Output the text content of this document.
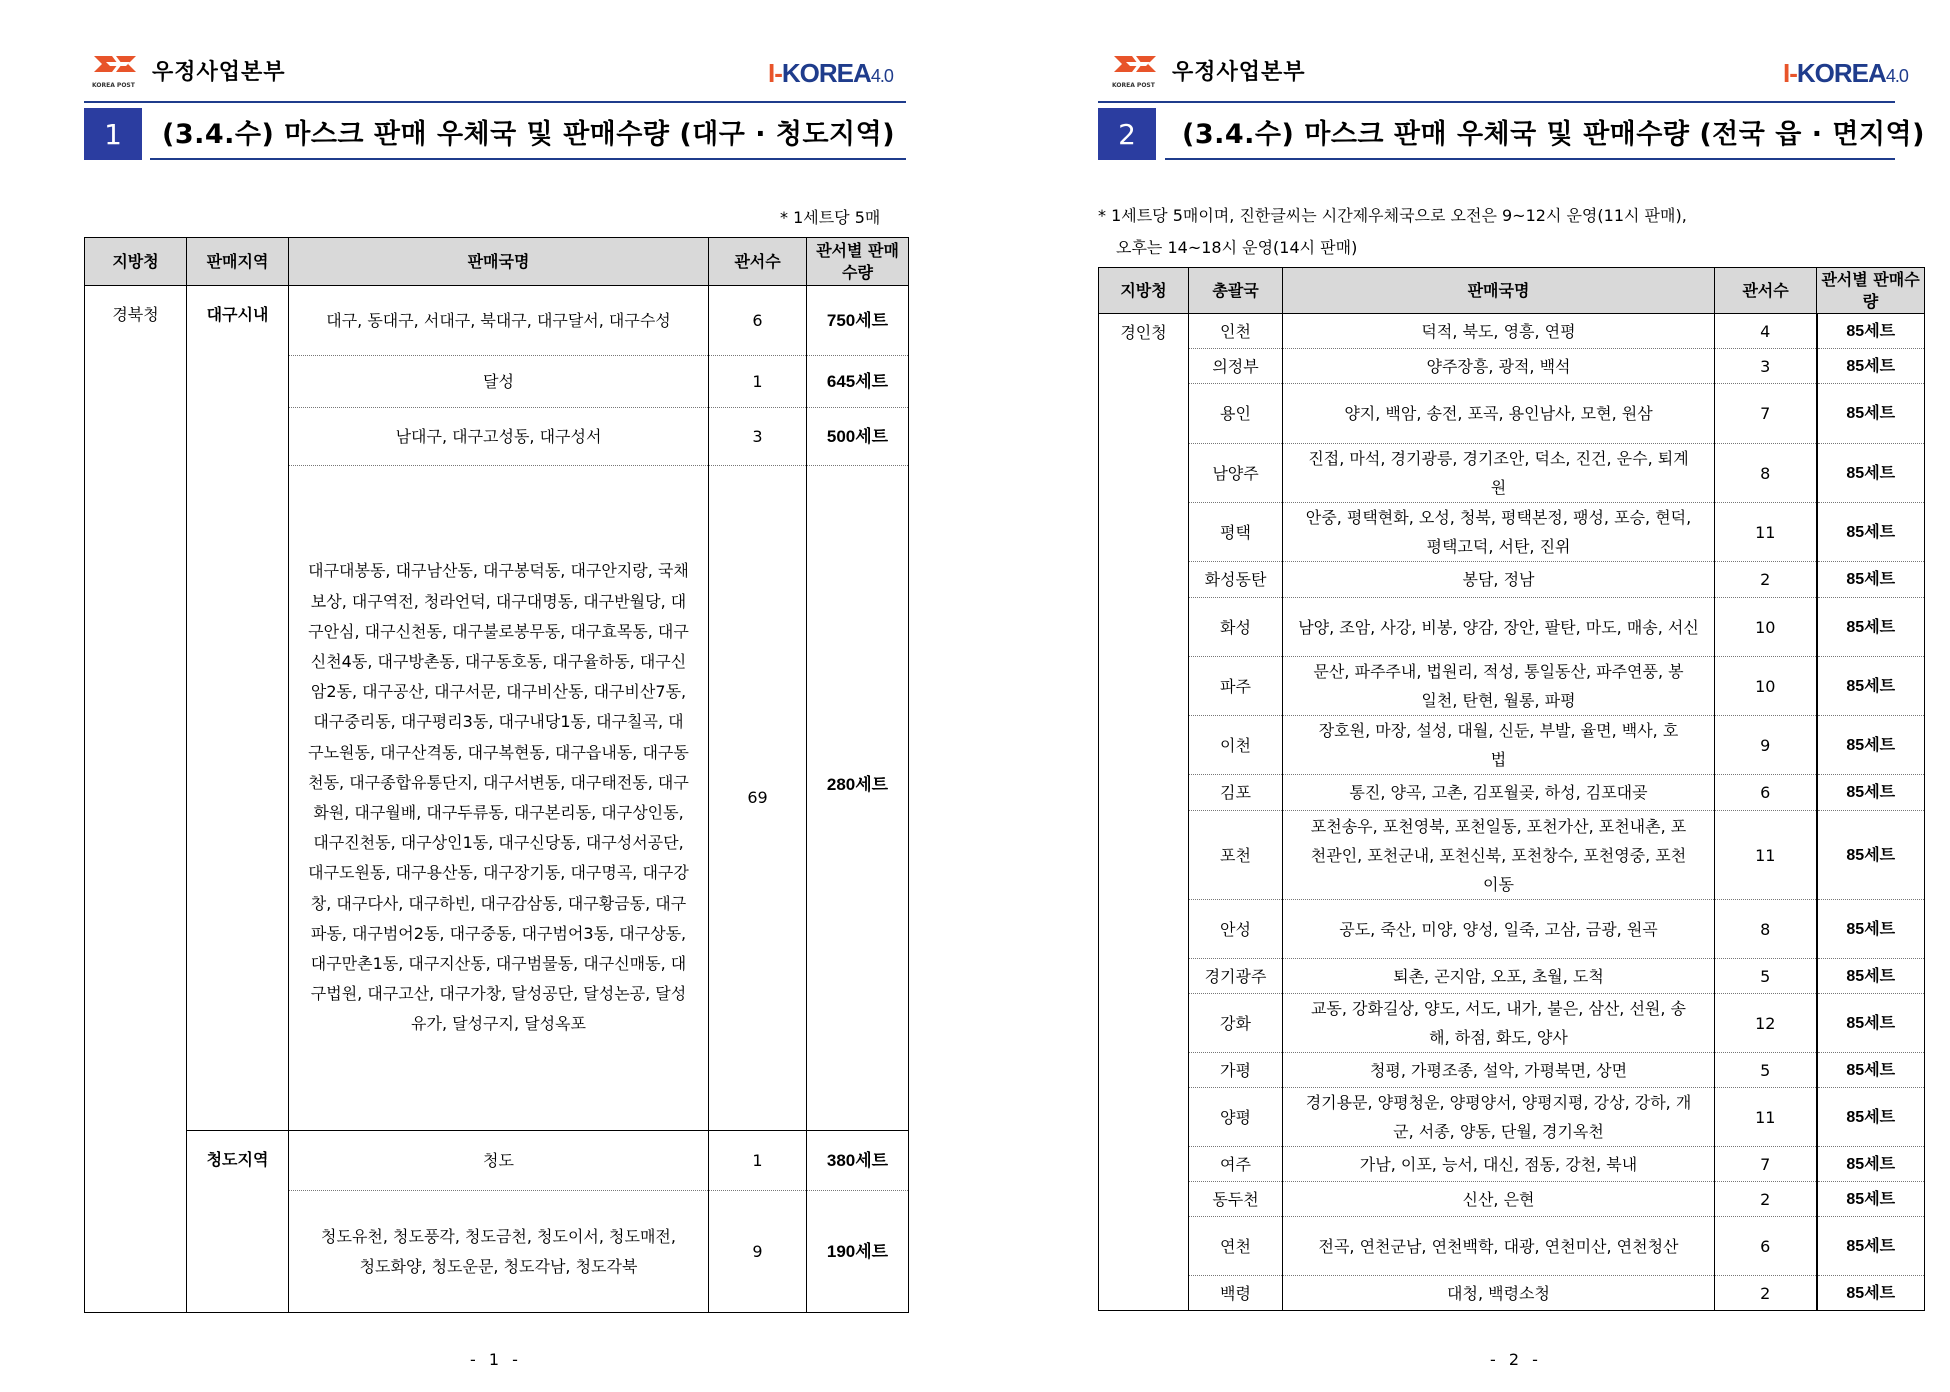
KOREA POST
우정사업본부	I-KOREA4.0
1	(3.4.수) 마스크 판매 우체국 및 판매수량 (대구 · 청도지역)
* 1세트당 5매
지방청	판매지역	판매국명	관서수	관서별 판매수량
경북청	대구시내	대구, 동대구, 서대구, 북대구, 대구달서, 대구수성	6	750세트
		달성	1	645세트
		남대구, 대구고성동, 대구성서	3	500세트
		대구대봉동, 대구남산동, 대구봉덕동, 대구안지랑, 국채보상, 대구역전, 청라언덕, 대구대명동, 대구반월당, 대구안심, 대구신천동, 대구불로봉무동, 대구효목동, 대구신천4동, 대구방촌동, 대구동호동, 대구율하동, 대구신암2동, 대구공산, 대구서문, 대구비산동, 대구비산7동, 대구중리동, 대구평리3동, 대구내당1동, 대구칠곡, 대구노원동, 대구산격동, 대구복현동, 대구읍내동, 대구동천동, 대구종합유통단지, 대구서변동, 대구태전동, 대구화원, 대구월배, 대구두류동, 대구본리동, 대구상인동, 대구진천동, 대구상인1동, 대구신당동, 대구성서공단, 대구도원동, 대구용산동, 대구장기동, 대구명곡, 대구강창, 대구다사, 대구하빈, 대구감삼동, 대구황금동, 대구파동, 대구범어2동, 대구중동, 대구범어3동, 대구상동, 대구만촌1동, 대구지산동, 대구범물동, 대구신매동, 대구법원, 대구고산, 대구가창, 달성공단, 달성논공, 달성유가, 달성구지, 달성옥포	69	280세트
	청도지역	청도	1	380세트
		청도유천, 청도풍각, 청도금천, 청도이서, 청도매전, 청도화양, 청도운문, 청도각남, 청도각북	9	190세트
- 1 -
KOREA POST
우정사업본부	I-KOREA4.0
2	(3.4.수) 마스크 판매 우체국 및 판매수량 (전국 읍 · 면지역)
* 1세트당 5매이며, 진한글씨는 시간제우체국으로 오전은 9~12시 운영(11시 판매),
오후는 14~18시 운영(14시 판매)
지방청	총괄국	판매국명	관서수	관서별 판매수량
경인청	인천	덕적, 북도, 영흥, 연평	4	85세트
	의정부	양주장흥, 광적, 백석	3	85세트
	용인	양지, 백암, 송전, 포곡, 용인남사, 모현, 원삼	7	85세트
	남양주	진접, 마석, 경기광릉, 경기조안, 덕소, 진건, 운수, 퇴계원	8	85세트
	평택	안중, 평택현화, 오성, 청북, 평택본정, 팽성, 포승, 현덕, 평택고덕, 서탄, 진위	11	85세트
	화성동탄	봉담, 정남	2	85세트
	화성	남양, 조암, 사강, 비봉, 양감, 장안, 팔탄, 마도, 매송, 서신	10	85세트
	파주	문산, 파주주내, 법원리, 적성, 통일동산, 파주연풍, 봉일천, 탄현, 월롱, 파평	10	85세트
	이천	장호원, 마장, 설성, 대월, 신둔, 부발, 율면, 백사, 호법	9	85세트
	김포	통진, 양곡, 고촌, 김포월곶, 하성, 김포대곶	6	85세트
	포천	포천송우, 포천영북, 포천일동, 포천가산, 포천내촌, 포천관인, 포천군내, 포천신북, 포천창수, 포천영중, 포천이동	11	85세트
	안성	공도, 죽산, 미양, 양성, 일죽, 고삼, 금광, 원곡	8	85세트
	경기광주	퇴촌, 곤지암, 오포, 초월, 도척	5	85세트
	강화	교동, 강화길상, 양도, 서도, 내가, 불은, 삼산, 선원, 송해, 하점, 화도, 양사	12	85세트
	가평	청평, 가평조종, 설악, 가평북면, 상면	5	85세트
	양평	경기용문, 양평청운, 양평양서, 양평지평, 강상, 강하, 개군, 서종, 양동, 단월, 경기옥천	11	85세트
	여주	가남, 이포, 능서, 대신, 점동, 강천, 북내	7	85세트
	동두천	신산, 은현	2	85세트
	연천	전곡, 연천군남, 연천백학, 대광, 연천미산, 연천청산	6	85세트
	백령	대청, 백령소청	2	85세트
- 2 -
